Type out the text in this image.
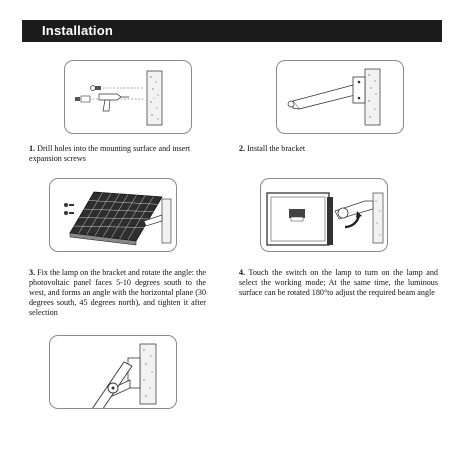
Installation
1. Drill holes into the mounting surface and insert expansion screws
2. Install the bracket
3. Fix the lamp on the bracket and rotate the angle: the photovoltaic panel faces 5-10 degrees south to the west, and forms an angle with the horizontal plane (30 degrees south, 45 degrees north), and tighten it after selection
4. Touch the switch on the lamp to turn on the lamp and select the working mode; At the same time, the luminous surface can be rotated 180°to adjust the required beam angle
